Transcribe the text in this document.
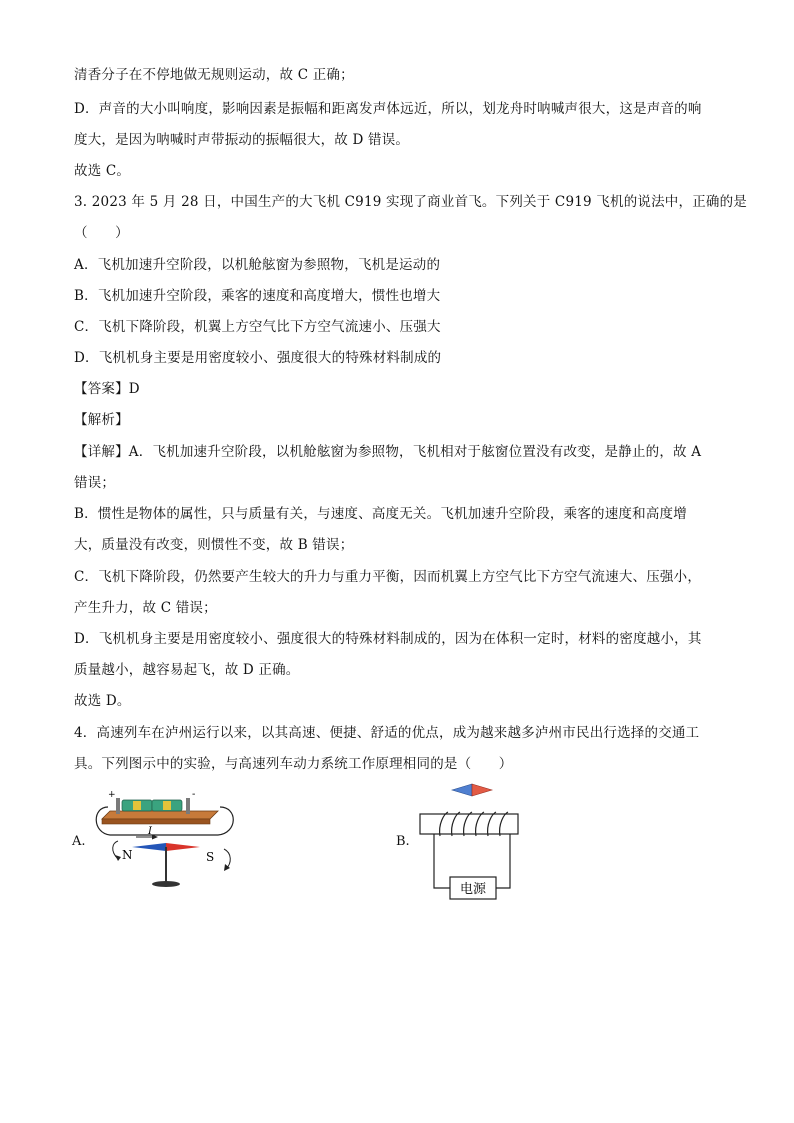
清香分子在不停地做无规则运动，故 C 正确；
D．声音的大小叫响度，影响因素是振幅和距离发声体远近，所以，划龙舟时呐喊声很大，这是声音的响
度大，是因为呐喊时声带振动的振幅很大，故 D 错误。
故选 C。
3. 2023 年 5 月 28 日，中国生产的大飞机 C919 实现了商业首飞。下列关于 C919 飞机的说法中，正确的是
（　　）
A．飞机加速升空阶段，以机舱舷窗为参照物，飞机是运动的
B．飞机加速升空阶段，乘客的速度和高度增大，惯性也增大
C．飞机下降阶段，机翼上方空气比下方空气流速小、压强大
D．飞机机身主要是用密度较小、强度很大的特殊材料制成的
【答案】D
【解析】
【详解】A．飞机加速升空阶段，以机舱舷窗为参照物，飞机相对于舷窗位置没有改变，是静止的，故 A
错误；
B．惯性是物体的属性，只与质量有关，与速度、高度无关。飞机加速升空阶段，乘客的速度和高度增
大，质量没有改变，则惯性不变，故 B 错误；
C．飞机下降阶段，仍然要产生较大的升力与重力平衡，因而机翼上方空气比下方空气流速大、压强小，
产生升力，故 C 错误；
D．飞机机身主要是用密度较小、强度很大的特殊材料制成的，因为在体积一定时，材料的密度越小，其
质量越小，越容易起飞，故 D 正确。
故选 D。
4．高速列车在泸州运行以来，以其高速、便捷、舒适的优点，成为越来越多泸州市民出行选择的交通工
具。下列图示中的实验，与高速列车动力系统工作原理相同的是（　　）
A.
+	-
I
N	S
B.
电源
